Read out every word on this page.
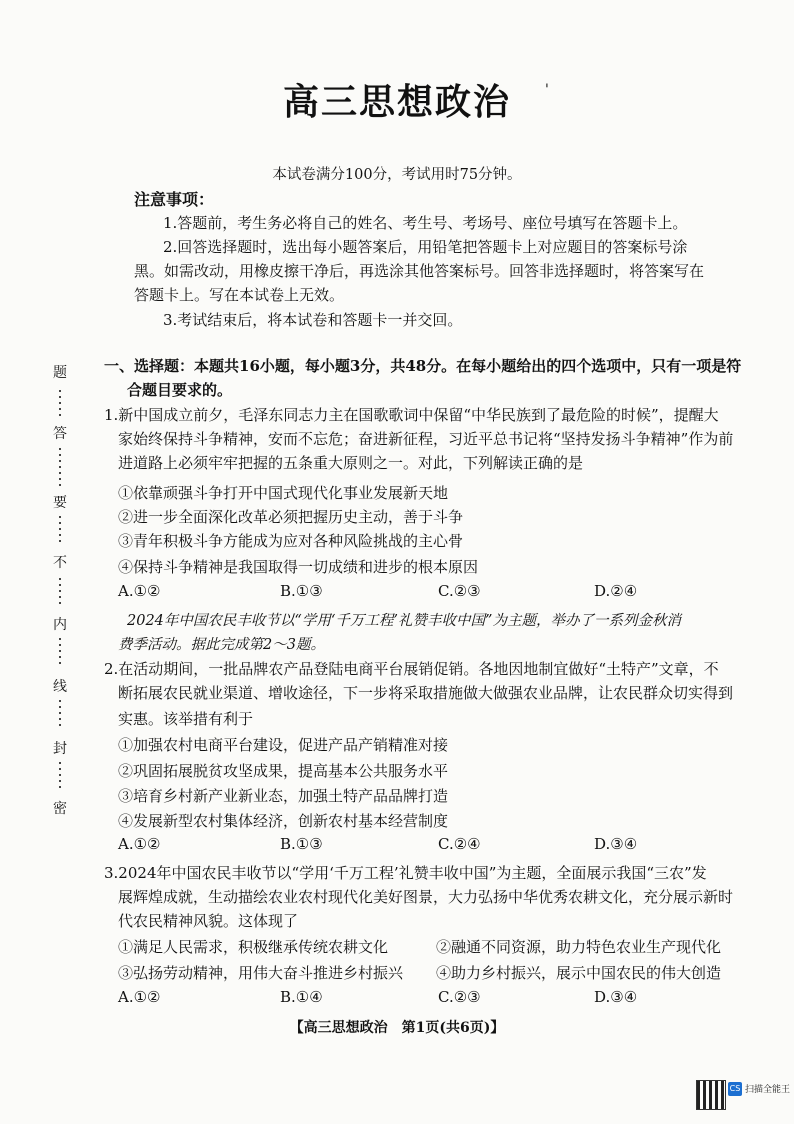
高三思想政治	'
本试卷满分100分，考试用时75分钟。
注意事项：
1.答题前，考生务必将自己的姓名、考生号、考场号、座位号填写在答题卡上。
2.回答选择题时，选出每小题答案后，用铅笔把答题卡上对应题目的答案标号涂
黑。如需改动，用橡皮擦干净后，再选涂其他答案标号。回答非选择题时，将答案写在
答题卡上。写在本试卷上无效。
3.考试结束后，将本试卷和答题卡一并交回。
题
答
要
不
内
线
封
密
一、选择题：本题共16小题，每小题3分，共48分。在每小题给出的四个选项中，只有一项是符
合题目要求的。
1.新中国成立前夕，毛泽东同志力主在国歌歌词中保留“中华民族到了最危险的时候”，提醒大
家始终保持斗争精神，安而不忘危；奋进新征程，习近平总书记将“坚持发扬斗争精神”作为前
进道路上必须牢牢把握的五条重大原则之一。对此，下列解读正确的是
①依靠顽强斗争打开中国式现代化事业发展新天地
②进一步全面深化改革必须把握历史主动，善于斗争
③青年积极斗争方能成为应对各种风险挑战的主心骨
④保持斗争精神是我国取得一切成绩和进步的根本原因
A.①②	B.①③	C.②③	D.②④
2024年中国农民丰收节以“学用‘千万工程’礼赞丰收中国”为主题，举办了一系列金秋消
费季活动。据此完成第2～3题。
2.在活动期间，一批品牌农产品登陆电商平台展销促销。各地因地制宜做好“土特产”文章，不
断拓展农民就业渠道、增收途径，下一步将采取措施做大做强农业品牌，让农民群众切实得到
实惠。该举措有利于
①加强农村电商平台建设，促进产品产销精准对接
②巩固拓展脱贫攻坚成果，提高基本公共服务水平
③培育乡村新产业新业态，加强土特产品品牌打造
④发展新型农村集体经济，创新农村基本经营制度
A.①②	B.①③	C.②④	D.③④
3.2024年中国农民丰收节以“学用‘千万工程’礼赞丰收中国”为主题，全面展示我国“三农”发
展辉煌成就，生动描绘农业农村现代化美好图景，大力弘扬中华优秀农耕文化，充分展示新时
代农民精神风貌。这体现了
①满足人民需求，积极继承传统农耕文化	②融通不同资源，助力特色农业生产现代化
③弘扬劳动精神，用伟大奋斗推进乡村振兴 ④助力乡村振兴，展示中国农民的伟大创造
A.①②	B.①④	C.②③	D.③④
【高三思想政治　第1页(共6页)】
CS 扫描全能王
